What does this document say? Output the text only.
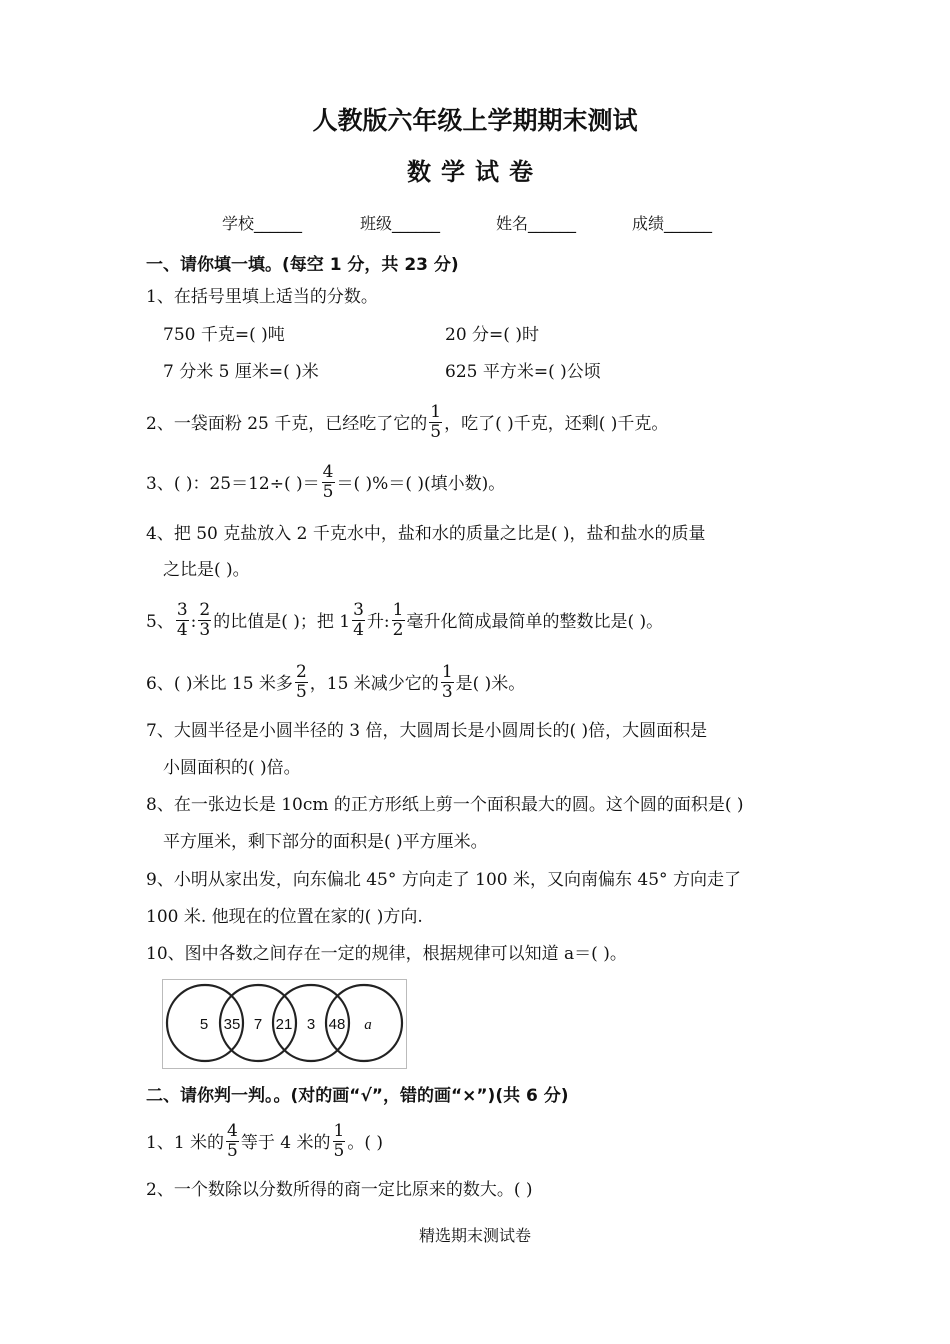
人教版六年级上学期期末测试
数学试卷
学校______	班级______	姓名______	成绩______
一、请你填一填。(每空 1 分，共 23 分)
1、在括号里填上适当的分数。
750 千克=( )吨	20 分=( )时
7 分米 5 厘米=( )米	625 平方米=( )公顷
2、一袋面粉 25 千克，已经吃了它的 $\frac{1}{5}$ ，吃了( )千克，还剩( )千克。
3、( )：25＝12÷( )＝ $\frac{4}{5}$ ＝( )%＝( )(填小数)。
4、把 50 克盐放入 2 千克水中，盐和水的质量之比是( )，盐和盐水的质量
之比是( )。
5、 $\frac{3}{4}$ : $\frac{2}{3}$ 的比值是( )；把 $1 \frac{3}{4}$ 升: $\frac{1}{2}$ 毫升化简成最简单的整数比是( )。
6、( )米比 15 米多 $\frac{2}{5}$ ，15 米减少它的 $\frac{1}{3}$ 是( )米。
7、大圆半径是小圆半径的 3 倍，大圆周长是小圆周长的( )倍，大圆面积是
小圆面积的( )倍。
8、在一张边长是 10cm 的正方形纸上剪一个面积最大的圆。这个圆的面积是( )
平方厘米，剩下部分的面积是( )平方厘米。
9、小明从家出发，向东偏北 45° 方向走了 100 米，又向南偏东 45° 方向走了
100 米. 他现在的位置在家的( )方向.
10、图中各数之间存在一定的规律，根据规律可以知道 a＝( )。
5 35 7 21 3 48 a
二、请你判一判。。(对的画“√”，错的画“×”)(共 6 分)
1、1 米的 $\frac{4}{5}$ 等于 4 米的 $\frac{1}{5}$ 。( )
2、一个数除以分数所得的商一定比原来的数大。( )
精选期末测试卷
